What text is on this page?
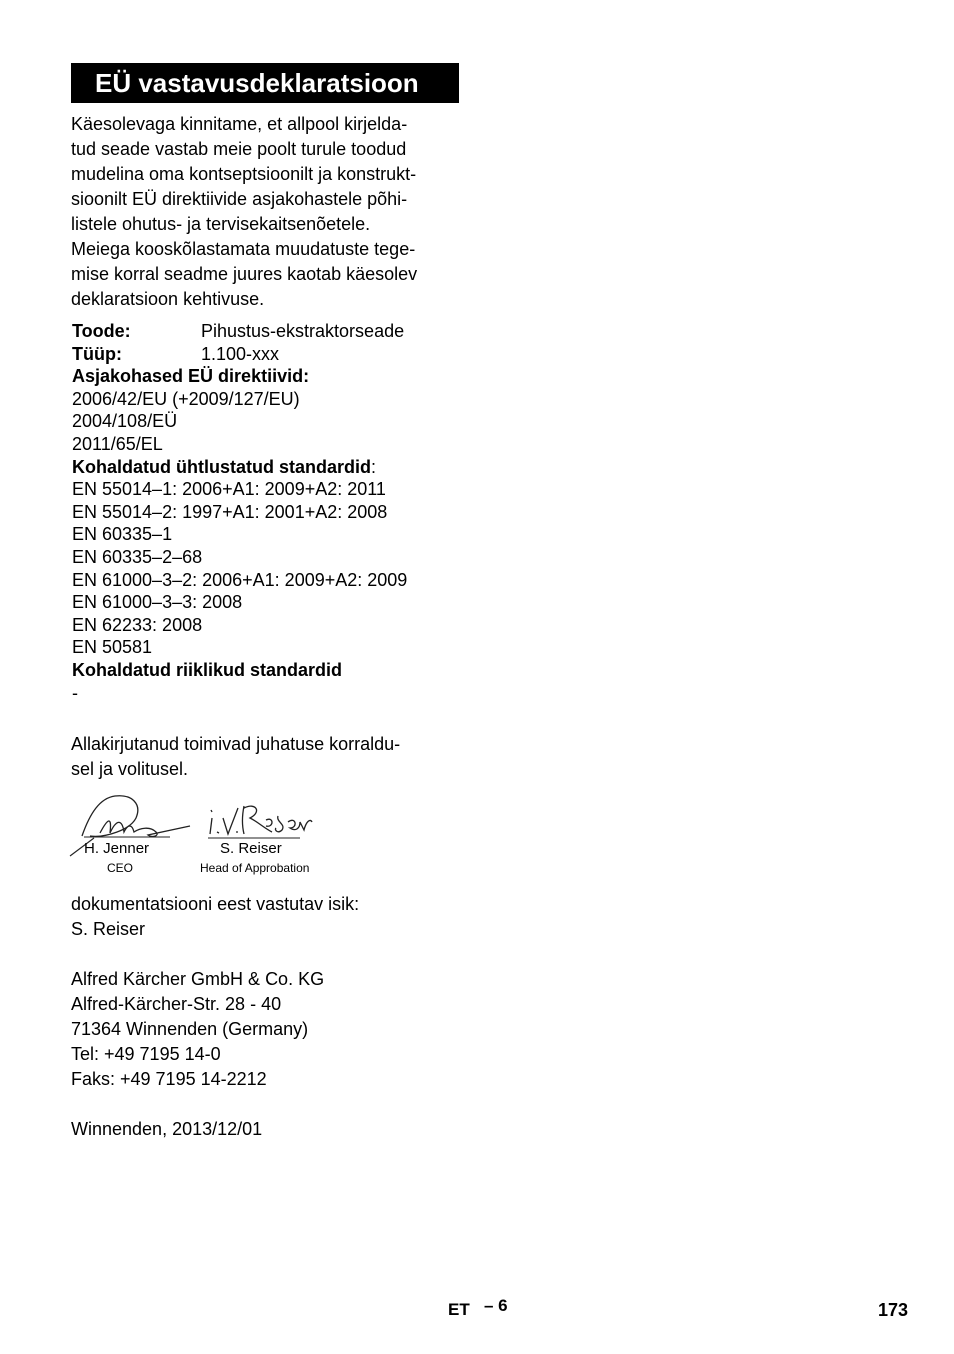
EÜ vastavusdeklaratsioon
Käesolevaga kinnitame, et allpool kirjelda-
tud seade vastab meie poolt turule toodud
mudelina oma kontseptsioonilt ja konstrukt-
sioonilt EÜ direktiivide asjakohastele põhi-
listele ohutus- ja tervisekaitsenõetele.
Meiega kooskõlastamata muudatuste tege-
mise korral seadme juures kaotab käesolev
deklaratsioon kehtivuse.
Toode:	Pihustus-ekstraktorseade
Tüüp:	1.100-xxx
Asjakohased EÜ direktiivid:
2006/42/EU (+2009/127/EU)
2004/108/EÜ
2011/65/EL
Kohaldatud ühtlustatud standardid:
EN 55014–1: 2006+A1: 2009+A2: 2011
EN 55014–2: 1997+A1: 2001+A2: 2008
EN 60335–1
EN 60335–2–68
EN 61000–3–2: 2006+A1: 2009+A2: 2009
EN 61000–3–3: 2008
EN 62233: 2008
EN 50581
Kohaldatud riiklikud standardid
-
Allakirjutanud toimivad juhatuse korraldu-
sel ja volitusel.
H. Jenner
CEO
S. Reiser
Head of Approbation
dokumentatsiooni eest vastutav isik:
S. Reiser
Alfred Kärcher GmbH & Co. KG
Alfred-Kärcher-Str. 28 - 40
71364 Winnenden (Germany)
Tel: +49 7195 14-0
Faks: +49 7195 14-2212
Winnenden, 2013/12/01
ET – 6	173
